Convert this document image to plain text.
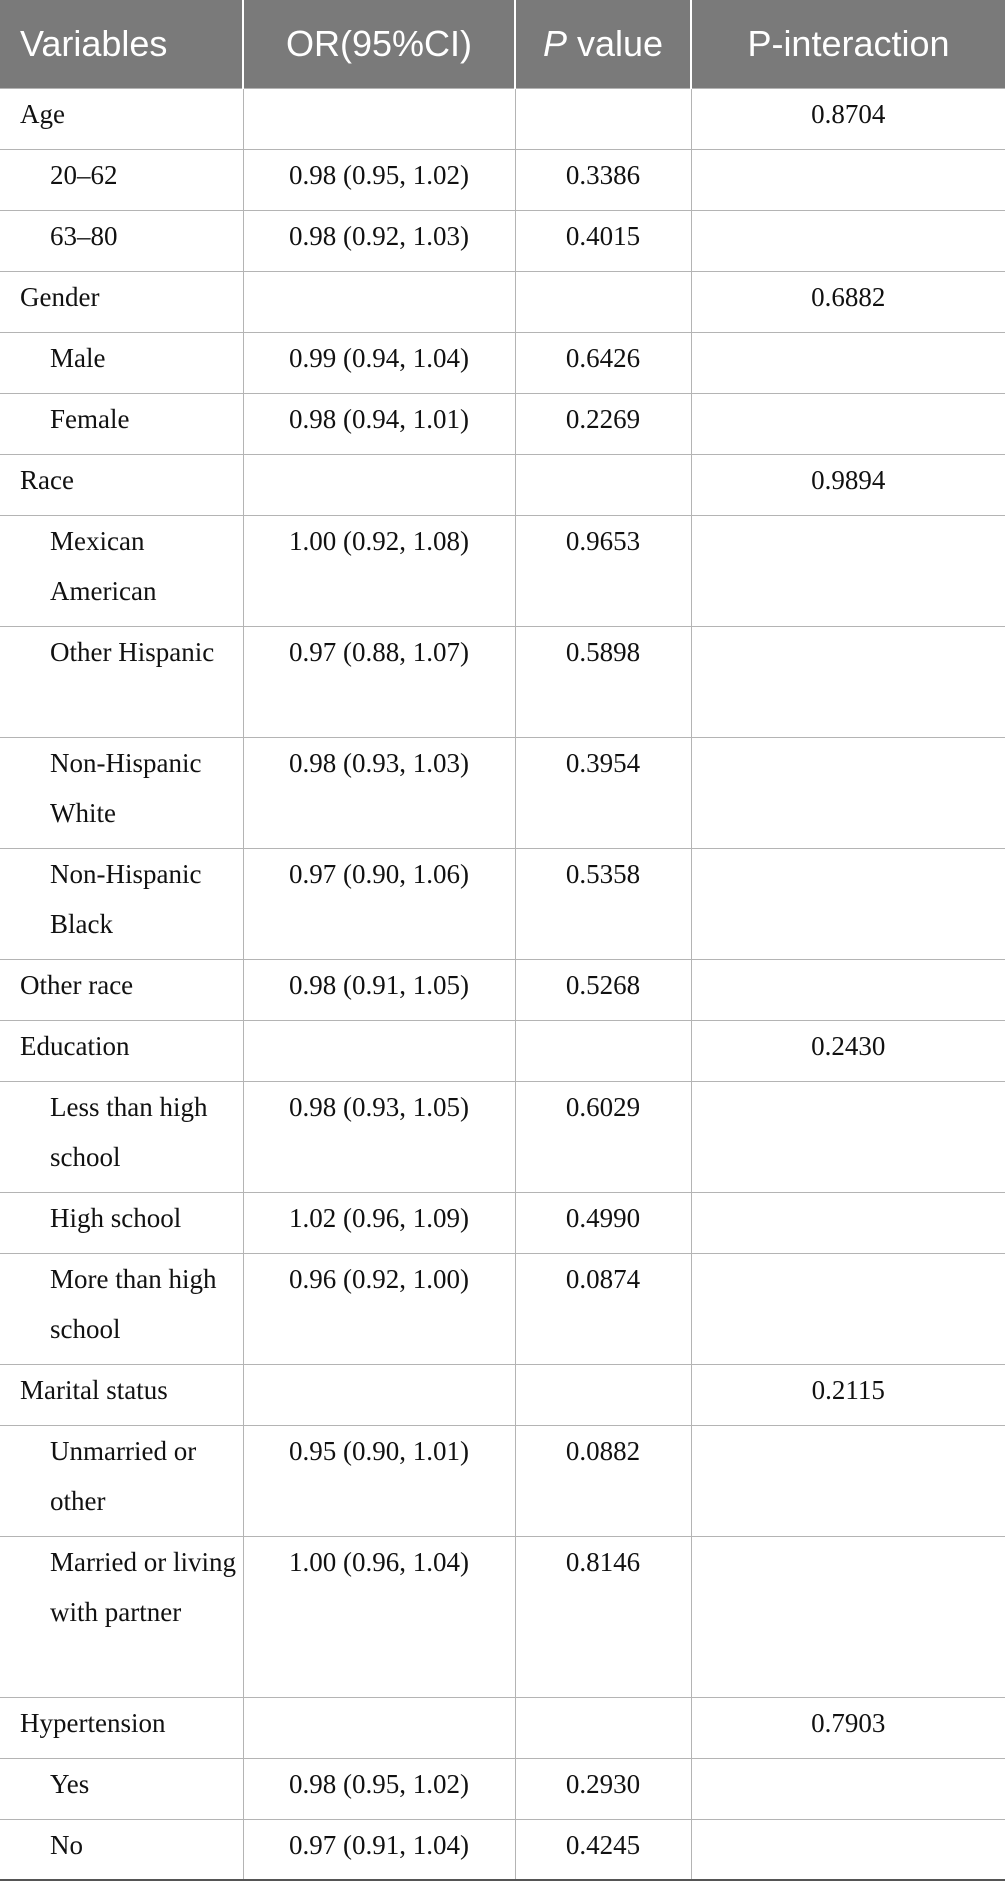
Variables	OR(95%CI)	P value	P-interaction
Age			0.8704
20–62	0.98 (0.95, 1.02)	0.3386	
63–80	0.98 (0.92, 1.03)	0.4015	
Gender			0.6882
Male	0.99 (0.94, 1.04)	0.6426	
Female	0.98 (0.94, 1.01)	0.2269	
Race			0.9894
Mexican American	1.00 (0.92, 1.08)	0.9653	
Other Hispanic	0.97 (0.88, 1.07)	0.5898	
Non-Hispanic White	0.98 (0.93, 1.03)	0.3954	
Non-Hispanic Black	0.97 (0.90, 1.06)	0.5358	
Other race	0.98 (0.91, 1.05)	0.5268	
Education			0.2430
Less than high school	0.98 (0.93, 1.05)	0.6029	
High school	1.02 (0.96, 1.09)	0.4990	
More than high school	0.96 (0.92, 1.00)	0.0874	
Marital status			0.2115
Unmarried or other	0.95 (0.90, 1.01)	0.0882	
Married or living with partner	1.00 (0.96, 1.04)	0.8146	
Hypertension			0.7903
Yes	0.98 (0.95, 1.02)	0.2930	
No	0.97 (0.91, 1.04)	0.4245	
